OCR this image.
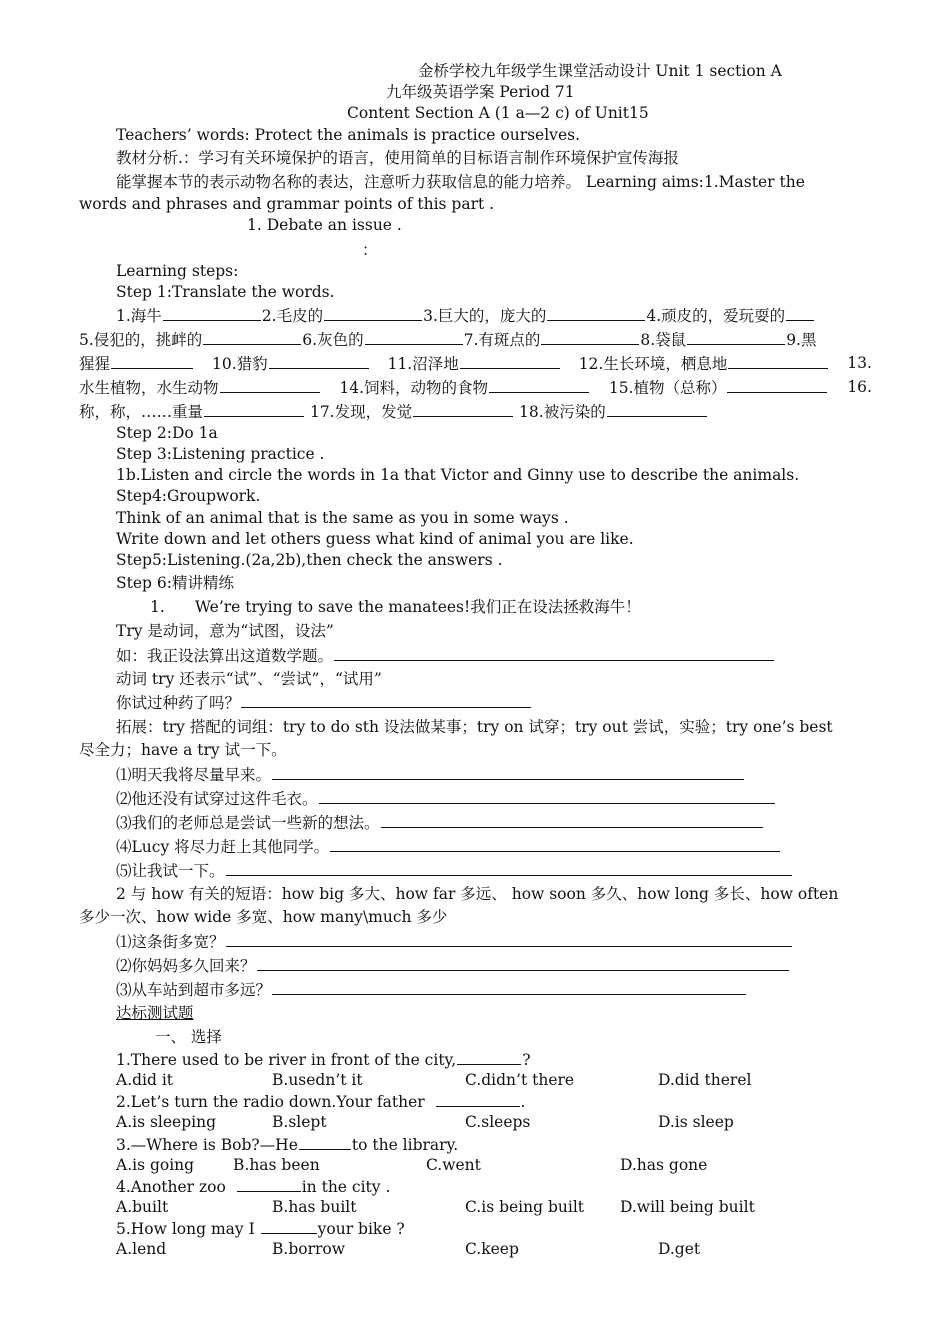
金桥学校九年级学生课堂活动设计 Unit 1 section A
九年级英语学案 Period 71
Content Section A (1 a—2 c) of Unit15
Teachers’ words: Protect the animals is practice ourselves.
教材分析.：学习有关环境保护的语言，使用简单的目标语言制作环境保护宣传海报
能掌握本节的表示动物名称的表达，注意听力获取信息的能力培养。 Learning aims:1.Master the
words and phrases and grammar points of this part .
1. Debate an issue .
：
Learning steps:
Step 1:Translate the words.
1.海牛	2.毛皮的	3.巨大的，庞大的	4.顽皮的，爱玩耍的
5.侵犯的，挑衅的	6.灰色的	7.有斑点的	8.袋鼠	9.黑
猩猩	10.猎豹	11.沼泽地	12.生长环境，栖息地	13.
水生植物，水生动物	14.饲料，动物的食物	15.植物（总称）	16.
称，称，……重量	17.发现，发觉	18.被污染的
Step 2:Do 1a
Step 3:Listening practice .
1b.Listen and circle the words in 1a that Victor and Ginny use to describe the animals.
Step4:Groupwork.
Think of an animal that is the same as you in some ways .
Write down and let others guess what kind of animal you are like.
Step5:Listening.(2a,2b),then check the answers .
Step 6:精讲精练
1. We’re trying to save the manatees!我们正在设法拯救海牛！
Try 是动词，意为“试图，设法”
如：我正设法算出这道数学题。
动词 try 还表示“试”、“尝试”，“试用”
你试过种药了吗？
拓展：try 搭配的词组：try to do sth 设法做某事；try on 试穿；try out 尝试，实验；try one’s best
尽全力；have a try 试一下。
⑴明天我将尽量早来。
⑵他还没有试穿过这件毛衣。
⑶我们的老师总是尝试一些新的想法。
⑷Lucy 将尽力赶上其他同学。
⑸让我试一下。
2 与 how 有关的短语：how big 多大、how far 多远、 how soon 多久、how long 多长、how often
多少一次、how wide 多宽、how many\much 多少
⑴这条街多宽？
⑵你妈妈多久回来？
⑶从车站到超市多远？
达标测试题
一、 选择
1.There used to be river in front of the city,	?
A.did it	B.usedn’t it	C.didn’t there	D.did therel
2.Let’s turn the radio down.Your father	.
A.is sleeping	B.slept	C.sleeps	D.is sleep
3.—Where is Bob?—He	to the library.
A.is going	B.has been	C.went	D.has gone
4.Another zoo	in the city .
A.built	B.has built	C.is being built D.will being built
5.How long may I	your bike ?
A.lend	B.borrow	C.keep	D.get
